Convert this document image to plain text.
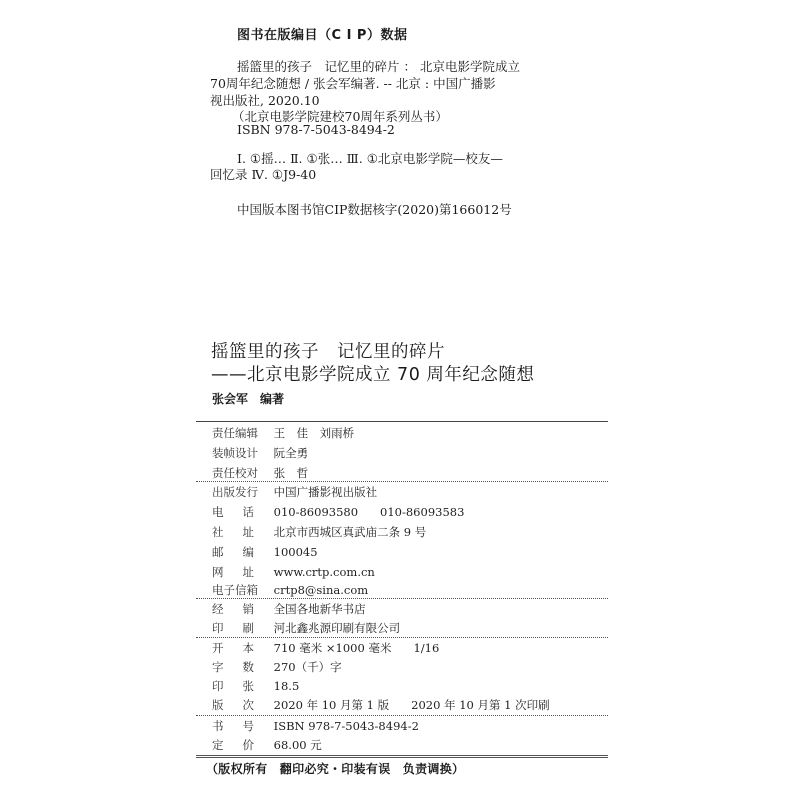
图书在版编目（C I P）数据
摇篮里的孩子　记忆里的碎片 ： 北京电影学院成立
70周年纪念随想 / 张会军编著. -- 北京 : 中国广播影
视出版社, 2020.10
（北京电影学院建校70周年系列丛书）
ISBN 978-7-5043-8494-2
Ⅰ. ①摇… Ⅱ. ①张… Ⅲ. ①北京电影学院—校友—
回忆录 Ⅳ. ①J9-40
中国版本图书馆CIP数据核字(2020)第166012号
摇篮里的孩子　记忆里的碎片
——北京电影学院成立 70 周年纪念随想
张会军　编著
责任编辑 王　佳　刘雨桥
装帧设计 阮全勇
责任校对 张　哲
出版发行 中国广播影视出版社
电 话 010-86093580 010-86093583
社 址 北京市西城区真武庙二条 9 号
邮 编 100045
网 址 www.crtp.com.cn
电子信箱 crtp8@sina.com
经 销 全国各地新华书店
印 刷 河北鑫兆源印刷有限公司
开 本 710 毫米 ×1000 毫米 1/16
字 数 270（千）字
印 张 18.5
版 次 2020 年 10 月第 1 版 2020 年 10 月第 1 次印刷
书 号 ISBN 978-7-5043-8494-2
定 价 68.00 元
（版权所有　翻印必究・印装有误　负责调换）
